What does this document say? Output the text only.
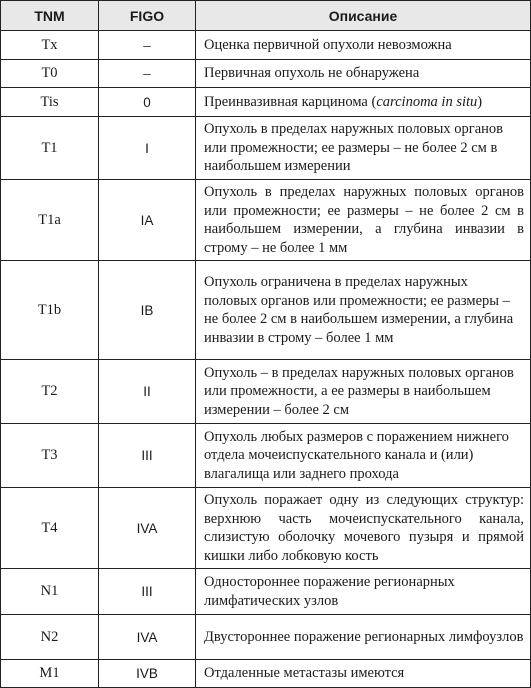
TNM	FIGO	Описание
Tx	–	Оценка первичной опухоли невозможна
T0	–	Первичная опухоль не обнаружена
Tis	0	Преинвазивная карцинома (carcinoma in situ)
T1	I	Опухоль в пределах наружных половых органов или промежности; ее размеры – не более 2 см в наибольшем измерении
T1a	IA	Опухоль в пределах наружных половых органов или промежности; ее размеры – не более 2 см в наибольшем измерении, а глубина инвазии в строму – не более 1 мм
T1b	IB	Опухоль ограничена в пределах наружных половых органов или промежности; ее размеры – не более 2 см в наибольшем измерении, а глубина инвазии в строму – более 1 мм
T2	II	Опухоль – в пределах наружных половых органов или промежности, а ее размеры в наибольшем измерении – более 2 см
T3	III	Опухоль любых размеров с поражением нижнего отдела мочеиспускательного канала и (или) влагалища или заднего прохода
T4	IVA	Опухоль поражает одну из следующих структур: верхнюю часть мочеиспускательного канала, слизистую оболочку мочевого пузыря и прямой кишки либо лобковую кость
N1	III	Одностороннее поражение регионарных лимфатических узлов
N2	IVA	Двустороннее поражение регионарных лимфоузлов
M1	IVB	Отдаленные метастазы имеются
